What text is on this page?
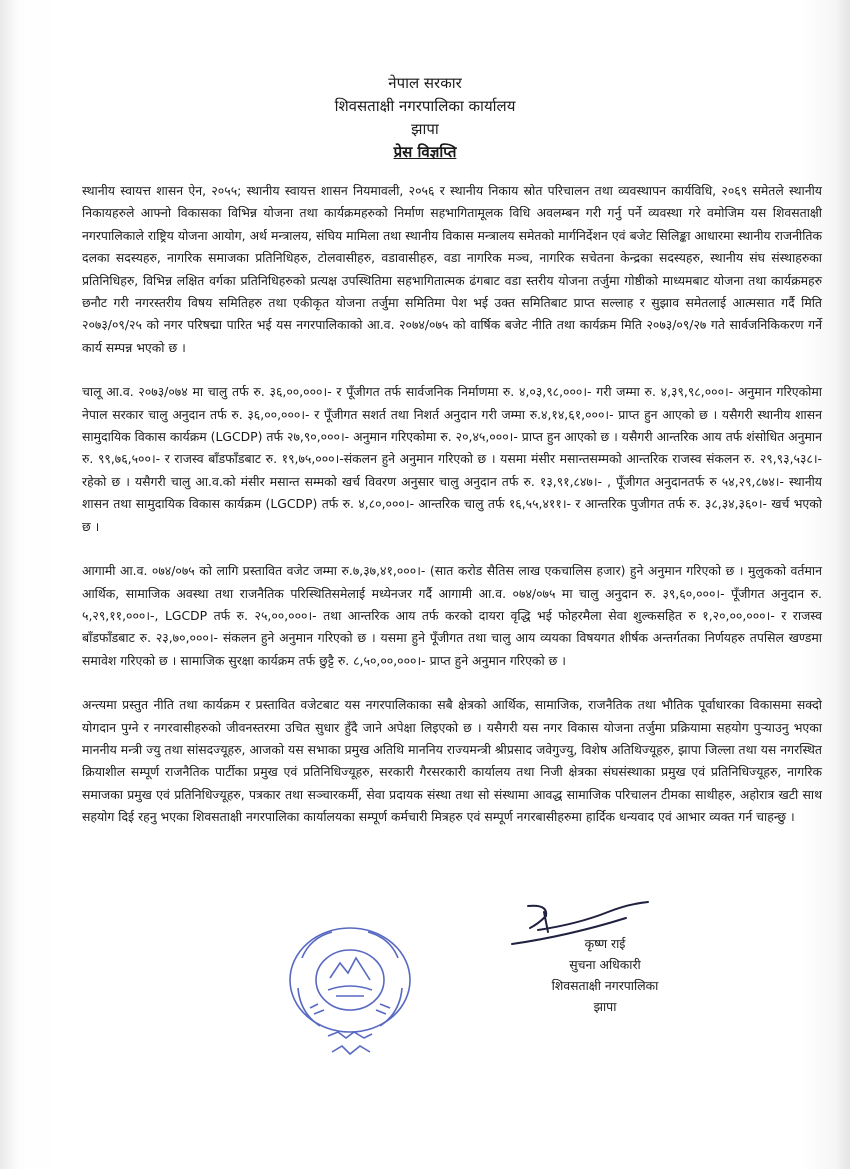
नेपाल सरकार
शिवसताक्षी नगरपालिका कार्यालय
झापा
प्रेस विज्ञप्ति

स्थानीय स्वायत्त शासन ऐन, २०५५; स्थानीय स्वायत्त शासन नियमावली, २०५६ र स्थानीय निकाय स्रोत परिचालन तथा व्यवस्थापन कार्यविधि, २०६९ समेतले स्थानीय निकायहरुले आफ्नो विकासका विभिन्न योजना तथा कार्यक्रमहरुको निर्माण सहभागितामूलक विधि अवलम्बन गरी गर्नु पर्ने व्यवस्था गरे वमोजिम यस शिवसताक्षी नगरपालिकाले राष्ट्रिय योजना आयोग, अर्थ मन्त्रालय, संघिय मामिला तथा स्थानीय विकास मन्त्रालय समेतको मार्गनिर्देशन एवं बजेट सिलिङ्का आधारमा स्थानीय राजनीतिक दलका सदस्यहरु, नागरिक समाजका प्रतिनिधिहरु, टोलवासीहरु, वडावासीहरु, वडा नागरिक मञ्च, नागरिक सचेतना केन्द्रका सदस्यहरु, स्थानीय संघ संस्थाहरुका प्रतिनिधिहरु, विभिन्न लक्षित वर्गका प्रतिनिधिहरुको प्रत्यक्ष उपस्थितिमा सहभागितात्मक ढंगबाट वडा स्तरीय योजना तर्जुमा गोष्ठीको माध्यमबाट योजना तथा कार्यक्रमहरु छनौट गरी नगरस्तरीय विषय समितिहरु तथा एकीकृत योजना तर्जुमा समितिमा पेश भई उक्त समितिबाट प्राप्त सल्लाह र सुझाव समेतलाई आत्मसात गर्दै मिति २०७३/०९/२५ को नगर परिषद्मा पारित भई यस नगरपालिकाको आ.व. २०७४/०७५ को वार्षिक बजेट नीति तथा कार्यक्रम मिति २०७३/०९/२७ गते सार्वजनिकिकरण गर्ने कार्य सम्पन्न भएको छ ।

चालू आ.व. २०७३/०७४ मा चालु तर्फ रु. ३६,००,०००।- र पूँजीगत तर्फ सार्वजनिक निर्माणमा रु. ४,०३,९८,०००।- गरी जम्मा रु. ४,३९,९८,०००।- अनुमान गरिएकोमा नेपाल सरकार चालु अनुदान तर्फ रु. ३६,००,०००।- र पूँजीगत सशर्त तथा निशर्त अनुदान गरी जम्मा रु.४,१४,६१,०००।- प्राप्त हुन आएको छ । यसैगरी स्थानीय शासन सामुदायिक विकास कार्यक्रम (LGCDP) तर्फ २७,९०,०००।- अनुमान गरिएकोमा रु. २०,४५,०००।- प्राप्त हुन आएको छ । यसैगरी आन्तरिक आय तर्फ शंसोधित अनुमान रु. ९९,७६,५००।- र राजस्व बाँडफाँडबाट रु. १९,७५,०००।-संकलन हुने अनुमान गरिएको छ । यसमा मंसीर मसान्तसम्मको आन्तरिक राजस्व संकलन रु. २९,९३,५३८।-रहेको छ । यसैगरी चालु आ.व.को मंसीर मसान्त सम्मको खर्च विवरण अनुसार चालु अनुदान तर्फ रु. १३,९१,८४७।- , पूँजीगत अनुदानतर्फ रु ५४,२९,८७४।- स्थानीय शासन तथा सामुदायिक विकास कार्यक्रम (LGCDP) तर्फ रु. ४,८०,०००।- आन्तरिक चालु तर्फ १६,५५,४११।- र आन्तरिक पुजीगत तर्फ रु. ३८,३४,३६०।- खर्च भएको छ ।

आगामी आ.व. ०७४/०७५ को लागि प्रस्तावित वजेट जम्मा रु.७,३७,४१,०००।- (सात करोड सैतिस लाख एकचालिस हजार) हुने अनुमान गरिएको छ । मुलुकको वर्तमान आर्थिक, सामाजिक अवस्था तथा राजनैतिक परिस्थितिसमेलाई मध्येनजर गर्दै आगामी आ.व. ०७४/०७५ मा चालु अनुदान रु. ३९,६०,०००।- पूँजीगत अनुदान रु. ५,२९,११,०००।-, LGCDP तर्फ रु. २५,००,०००।- तथा आन्तरिक आय तर्फ करको दायरा वृद्धि भई फोहरमैला सेवा शुल्कसहित रु १,२०,००,०००।- र राजस्व बाँडफाँडबाट रु. २३,७०,०००।- संकलन हुने अनुमान गरिएको छ । यसमा हुने पूँजीगत तथा चालु आय व्ययका विषयगत शीर्षक अन्तर्गतका निर्णयहरु तपसिल खण्डमा समावेश गरिएको छ । सामाजिक सुरक्षा कार्यक्रम तर्फ छुट्टै रु. ८,५०,००,०००।- प्राप्त हुने अनुमान गरिएको छ ।

अन्त्यमा प्रस्तुत नीति तथा कार्यक्रम र प्रस्तावित वजेटबाट यस नगरपालिकाका सबै क्षेत्रको आर्थिक, सामाजिक, राजनैतिक तथा भौतिक पूर्वाधारका विकासमा सक्दो योगदान पुग्ने र नगरवासीहरुको जीवनस्तरमा उचित सुधार हुँदै जाने अपेक्षा लिइएको छ । यसैगरी यस नगर विकास योजना तर्जुमा प्रक्रियामा सहयोग पुर्‍याउनु भएका माननीय मन्त्री ज्यु तथा सांसदज्यूहरु, आजको यस सभाका प्रमुख अतिथि माननिय राज्यमन्त्री श्रीप्रसाद जवेगुज्यु, विशेष अतिथिज्यूहरु, झापा जिल्ला तथा यस नगरस्थित क्रियाशील सम्पूर्ण राजनैतिक पार्टीका प्रमुख एवं प्रतिनिधिज्यूहरु, सरकारी गैरसरकारी कार्यालय तथा निजी क्षेत्रका संघसंस्थाका प्रमुख एवं प्रतिनिधिज्यूहरु, नागरिक समाजका प्रमुख एवं प्रतिनिधिज्यूहरु, पत्रकार तथा सञ्चारकर्मी, सेवा प्रदायक संस्था तथा सो संस्थामा आवद्ध सामाजिक परिचालन टीमका साथीहरु, अहोरात्र खटी साथ सहयोग दिई रहनु भएका शिवसताक्षी नगरपालिका कार्यालयका सम्पूर्ण कर्मचारी मित्रहरु एवं सम्पूर्ण नगरबासीहरुमा हार्दिक धन्यवाद एवं आभार व्यक्त गर्न चाहन्छु ।

कृष्ण राई
सुचना अधिकारी
शिवसताक्षी नगरपालिका
झापा
